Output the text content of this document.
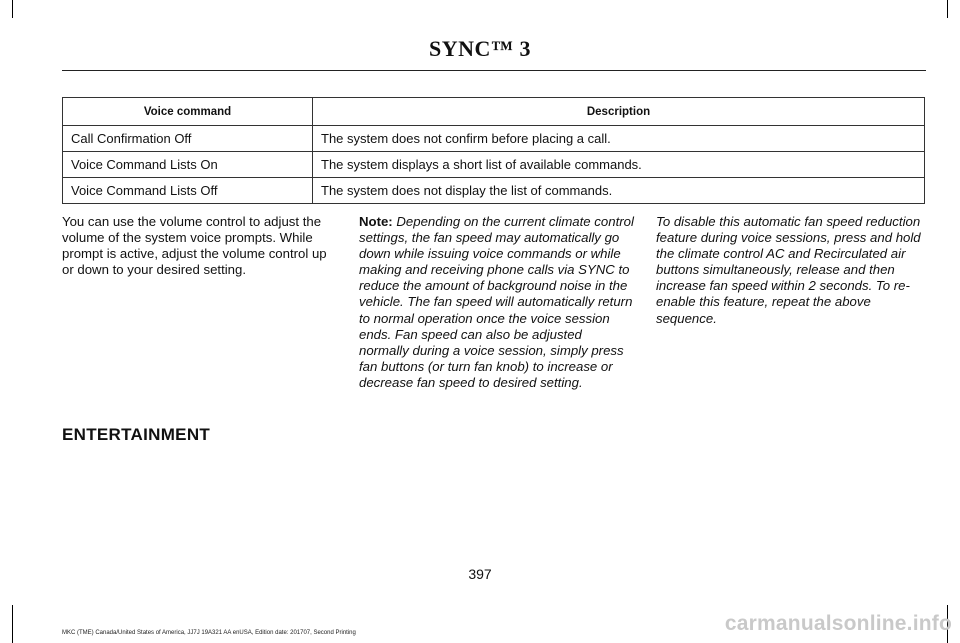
SYNC™ 3
Voice command	Description
Call Confirmation Off	The system does not confirm before placing a call.
Voice Command Lists On	The system displays a short list of available commands.
Voice Command Lists Off	The system does not display the list of commands.
You can use the volume control to adjust the volume of the system voice prompts. While prompt is active, adjust the volume control up or down to your desired setting.
Note: Depending on the current climate control settings, the fan speed may automatically go down while issuing voice commands or while making and receiving phone calls via SYNC to reduce the amount of background noise in the vehicle. The fan speed will automatically return to normal operation once the voice session ends. Fan speed can also be adjusted normally during a voice session, simply press fan buttons (or turn fan knob) to increase or decrease fan speed to desired setting.
To disable this automatic fan speed reduction feature during voice sessions, press and hold the climate control AC and Recirculated air buttons simultaneously, release and then increase fan speed within 2 seconds. To re-enable this feature, repeat the above sequence.
ENTERTAINMENT
397
MKC (TME) Canada/United States of America, JJ7J 19A321 AA enUSA, Edition date: 201707, Second Printing	carmanualsonline.info
